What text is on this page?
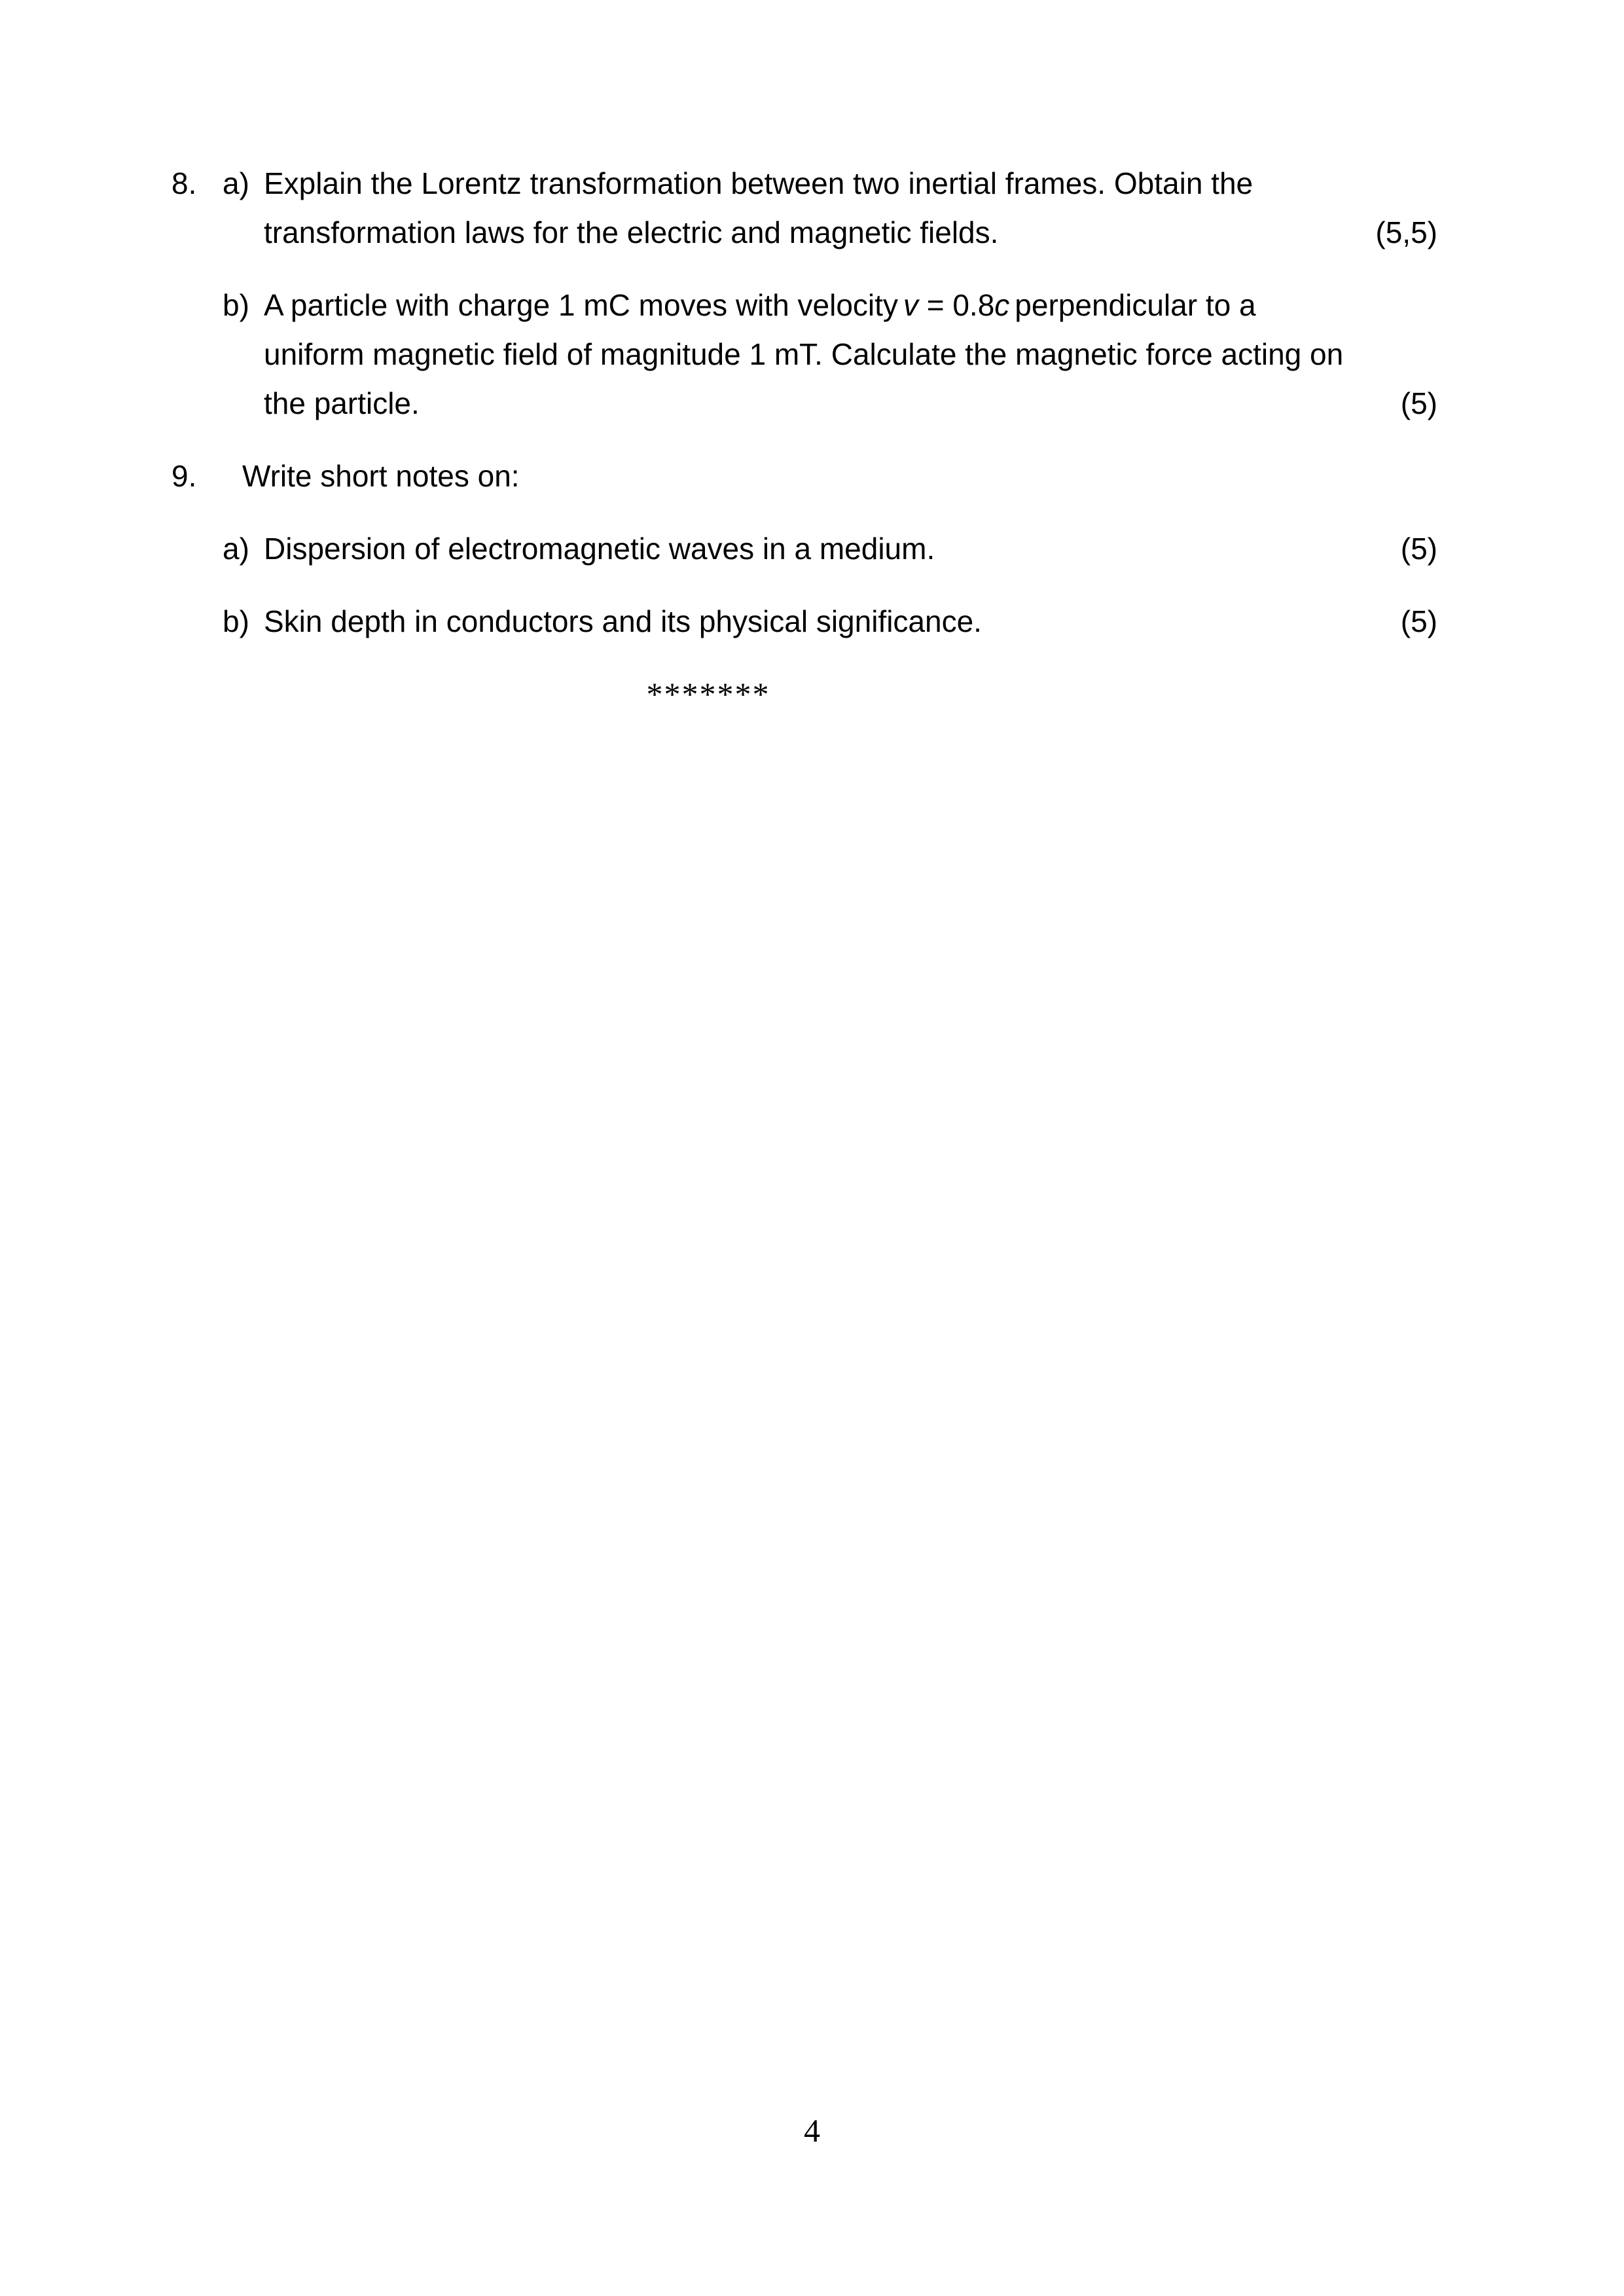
8. a) Explain the Lorentz transformation between two inertial frames. Obtain the
transformation laws for the electric and magnetic fields.	(5,5)
b) A particle with charge 1 mC moves with velocity v = 0.8c perpendicular to a
uniform magnetic field of magnitude 1 mT. Calculate the magnetic force acting on
the particle.	(5)
9.	Write short notes on:
a) Dispersion of electromagnetic waves in a medium.	(5)
b) Skin depth in conductors and its physical significance.	(5)
*******
4
